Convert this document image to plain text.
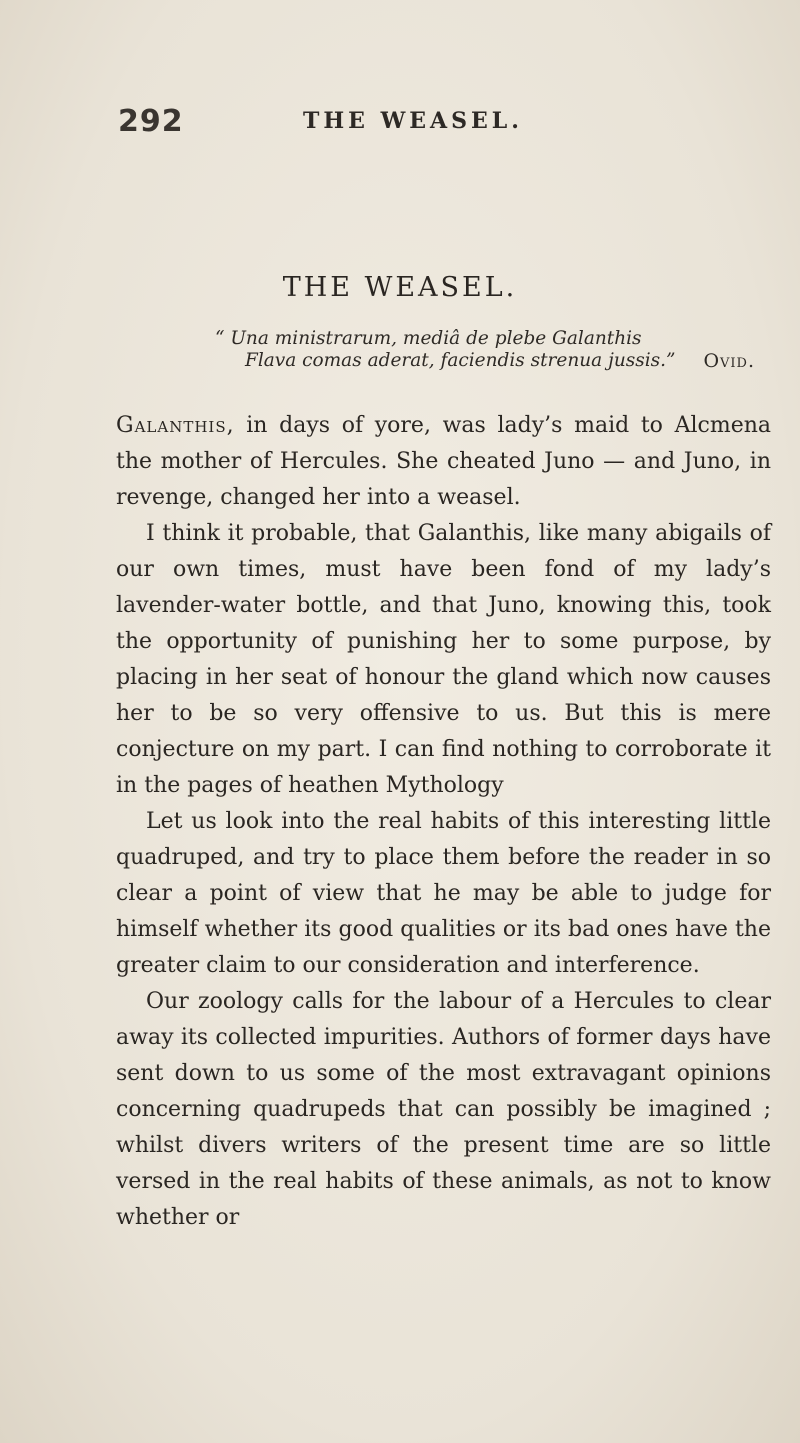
292	THE WEASEL.
THE WEASEL.
“ Una ministrarum, mediâ de plebe Galanthis
Flava comas aderat, faciendis strenua jussis.”	Ovid.

Galanthis, in days of yore, was lady’s maid to Alcmena the mother of Hercules. She cheated Juno — and Juno, in revenge, changed her into a weasel.

I think it probable, that Galanthis, like many abigails of our own times, must have been fond of my lady’s lavender-water bottle, and that Juno, knowing this, took the opportunity of punishing her to some purpose, by placing in her seat of honour the gland which now causes her to be so very offensive to us. But this is mere conjecture on my part. I can find nothing to corroborate it in the pages of heathen Mythology

Let us look into the real habits of this interesting little quadruped, and try to place them before the reader in so clear a point of view that he may be able to judge for himself whether its good qualities or its bad ones have the greater claim to our consideration and interference.

Our zoology calls for the labour of a Hercules to clear away its collected impurities. Authors of former days have sent down to us some of the most extravagant opinions concerning quadrupeds that can possibly be imagined ; whilst divers writers of the present time are so little versed in the real habits of these animals, as not to know whether or
